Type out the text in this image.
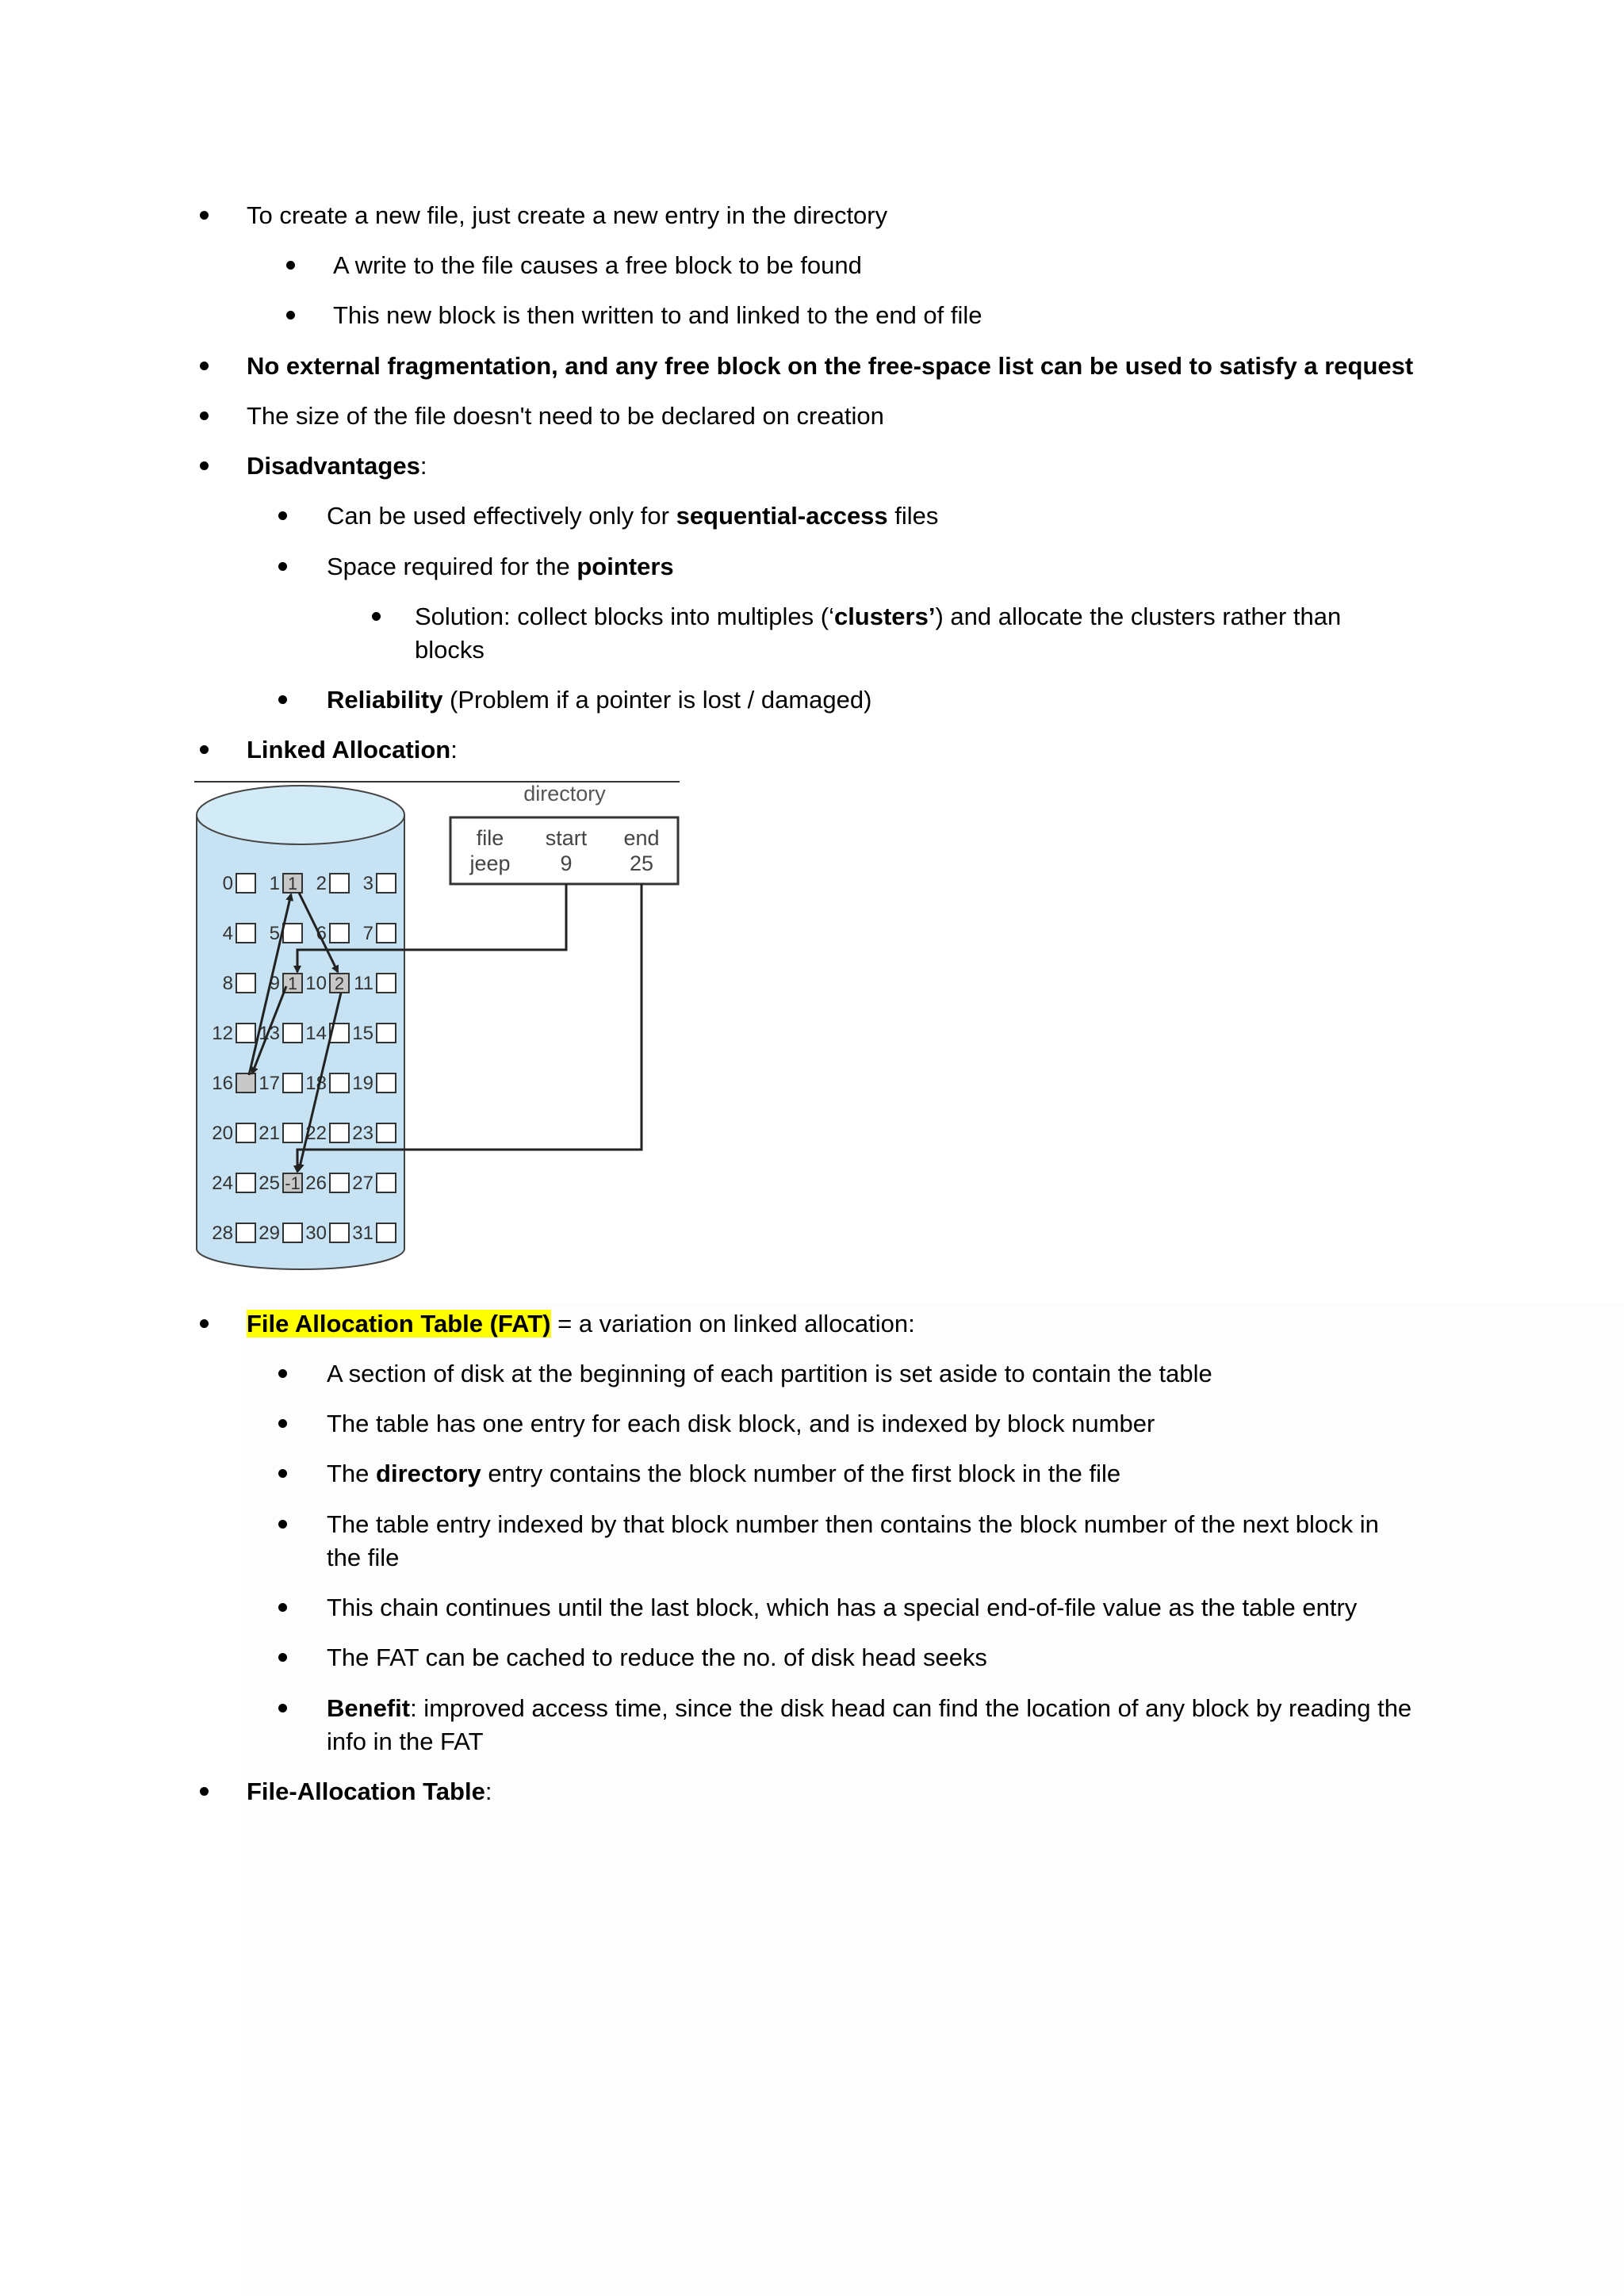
To create a new file, just create a new entry in the directory
A write to the file causes a free block to be found
This new block is then written to and linked to the end of file
No external fragmentation, and any free block on the free-space list can be used to satisfy a request
The size of the file doesn't need to be declared on creation
Disadvantages:
Can be used effectively only for sequential-access files
Space required for the pointers
Solution: collect blocks into multiples (‘clusters’) and allocate the clusters rather than
blocks
Reliability (Problem if a pointer is lost / damaged)
Linked Allocation:
directory
file start end
jeep 9	25
0 1 1 2 3
4 5 6 7
8 9 1 10 2 11
12 13 14 15
16 17 18 19
20 21 22 23
24 25 -1 26 27
28 29 30 31
File Allocation Table (FAT) = a variation on linked allocation:
A section of disk at the beginning of each partition is set aside to contain the table
The table has one entry for each disk block, and is indexed by block number
The directory entry contains the block number of the first block in the file
The table entry indexed by that block number then contains the block number of the next block in
the file
This chain continues until the last block, which has a special end-of-file value as the table entry
The FAT can be cached to reduce the no. of disk head seeks
Benefit: improved access time, since the disk head can find the location of any block by reading the
info in the FAT
File-Allocation Table:
